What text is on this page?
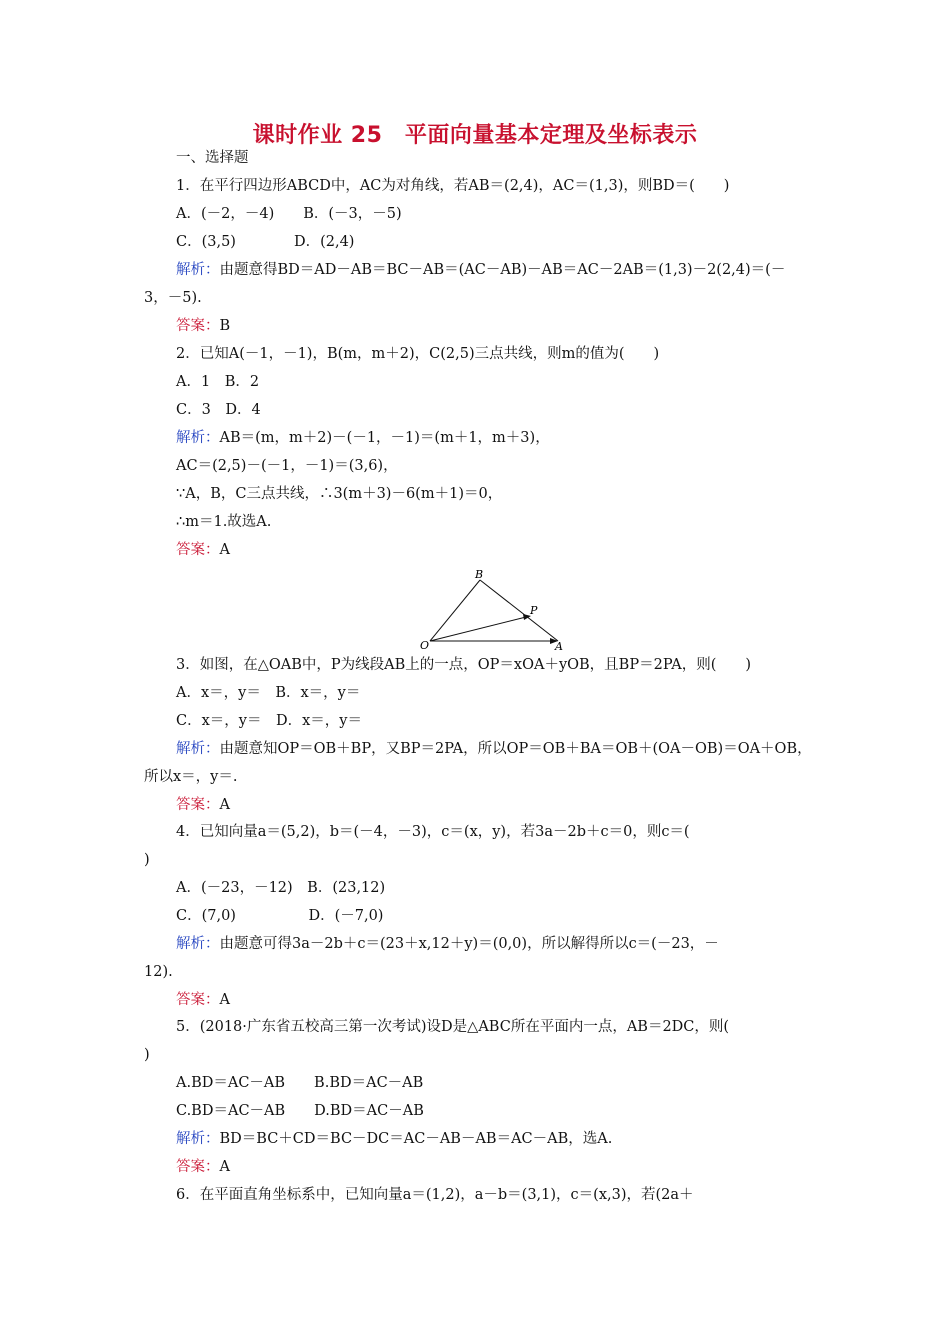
课时作业 25　平面向量基本定理及坐标表示
一、选择题
1．在平行四边形ABCD中，AC为对角线，若AB＝(2,4)，AC＝(1,3)，则BD＝(　　)
A．(－2，－4)　　B．(－3，－5)
C．(3,5)　　　　D．(2,4)
解析：由题意得BD＝AD－AB＝BC－AB＝(AC－AB)－AB＝AC－2AB＝(1,3)－2(2,4)＝(－
3，－5).
答案：B
2．已知A(－1，－1)，B(m，m＋2)，C(2,5)三点共线，则m的值为(　　)
A．1　B．2
C．3　D．4
解析：AB＝(m，m＋2)－(－1，－1)＝(m＋1，m＋3)，
AC＝(2,5)－(－1，－1)＝(3,6)，
∵A，B，C三点共线，∴3(m＋3)－6(m＋1)＝0，
∴m＝1.故选A.
答案：A
O	A
B
P
3．如图，在△OAB中，P为线段AB上的一点，OP＝xOA＋yOB，且BP＝2PA，则(　　)
A．x＝，y＝　B．x＝，y＝
C．x＝，y＝　D．x＝，y＝
解析：由题意知OP＝OB＋BP，又BP＝2PA，所以OP＝OB＋BA＝OB＋(OA－OB)＝OA＋OB，
所以x＝，y＝.
答案：A
4．已知向量a＝(5,2)，b＝(－4，－3)，c＝(x，y)，若3a－2b＋c＝0，则c＝(
)
A．(－23，－12)　B．(23,12)
C．(7,0)　　　　　D．(－7,0)
解析：由题意可得3a－2b＋c＝(23＋x,12＋y)＝(0,0)，所以解得所以c＝(－23，－
12).
答案：A
5．(2018·广东省五校高三第一次考试)设D是△ABC所在平面内一点，AB＝2DC，则(
)
A.BD＝AC－AB　　B.BD＝AC－AB
C.BD＝AC－AB　　D.BD＝AC－AB
解析：BD＝BC＋CD＝BC－DC＝AC－AB－AB＝AC－AB，选A.
答案：A
6．在平面直角坐标系中，已知向量a＝(1,2)，a－b＝(3,1)，c＝(x,3)，若(2a＋
